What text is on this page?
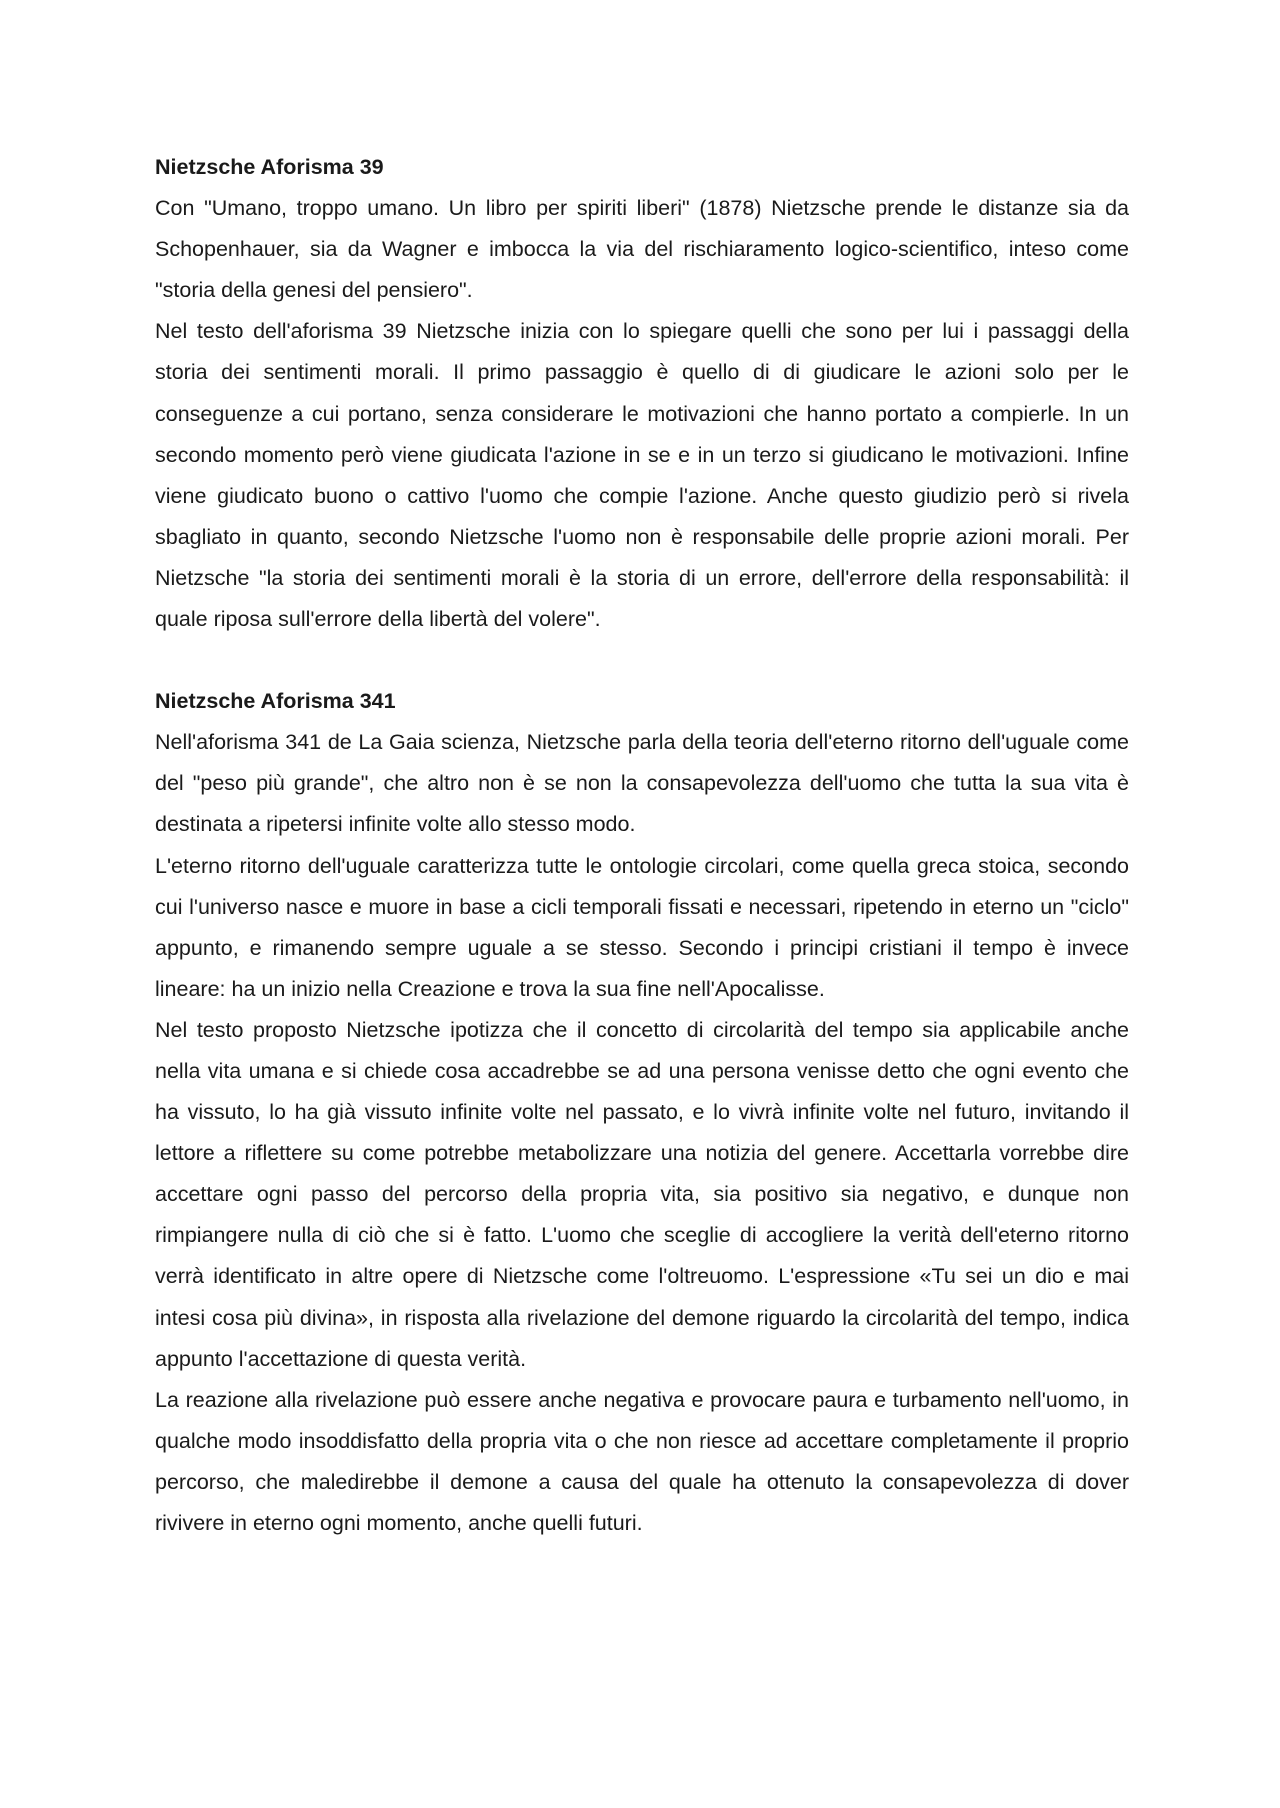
Nietzsche Aforisma 39

Con "Umano, troppo umano. Un libro per spiriti liberi" (1878) Nietzsche prende le distanze sia da Schopenhauer, sia da Wagner e imbocca la via del rischiaramento logico-scientifico, inteso come "storia della genesi del pensiero".

Nel testo dell'aforisma 39 Nietzsche inizia con lo spiegare quelli che sono per lui i passaggi della storia dei sentimenti morali. Il primo passaggio è quello di di giudicare le azioni solo per le conseguenze a cui portano, senza considerare le motivazioni che hanno portato a compierle. In un secondo momento però viene giudicata l'azione in se e in un terzo si giudicano le motivazioni. Infine viene giudicato buono o cattivo l'uomo che compie l'azione. Anche questo giudizio però si rivela sbagliato in quanto, secondo Nietzsche l'uomo non è responsabile delle proprie azioni morali. Per Nietzsche "la storia dei sentimenti morali è la storia di un errore, dell'errore della responsabilità: il quale riposa sull'errore della libertà del volere".

Nietzsche Aforisma 341

Nell'aforisma 341 de La Gaia scienza, Nietzsche parla della teoria dell'eterno ritorno dell'uguale come del "peso più grande", che altro non è se non la consapevolezza dell'uomo che tutta la sua vita è destinata a ripetersi infinite volte allo stesso modo.

L'eterno ritorno dell'uguale caratterizza tutte le ontologie circolari, come quella greca stoica, secondo cui l'universo nasce e muore in base a cicli temporali fissati e necessari, ripetendo in eterno un "ciclo" appunto, e rimanendo sempre uguale a se stesso. Secondo i principi cristiani il tempo è invece lineare: ha un inizio nella Creazione e trova la sua fine nell'Apocalisse.

Nel testo proposto Nietzsche ipotizza che il concetto di circolarità del tempo sia applicabile anche nella vita umana e si chiede cosa accadrebbe se ad una persona venisse detto che ogni evento che ha vissuto, lo ha già vissuto infinite volte nel passato, e lo vivrà infinite volte nel futuro, invitando il lettore a riflettere su come potrebbe metabolizzare una notizia del genere. Accettarla vorrebbe dire accettare ogni passo del percorso della propria vita, sia positivo sia negativo, e dunque non rimpiangere nulla di ciò che si è fatto. L'uomo che sceglie di accogliere la verità dell'eterno ritorno verrà identificato in altre opere di Nietzsche come l'oltreuomo. L'espressione «Tu sei un dio e mai intesi cosa più divina», in risposta alla rivelazione del demone riguardo la circolarità del tempo, indica appunto l'accettazione di questa verità.

La reazione alla rivelazione può essere anche negativa e provocare paura e turbamento nell'uomo, in qualche modo insoddisfatto della propria vita o che non riesce ad accettare completamente il proprio percorso, che maledirebbe il demone a causa del quale ha ottenuto la consapevolezza di dover rivivere in eterno ogni momento, anche quelli futuri.
